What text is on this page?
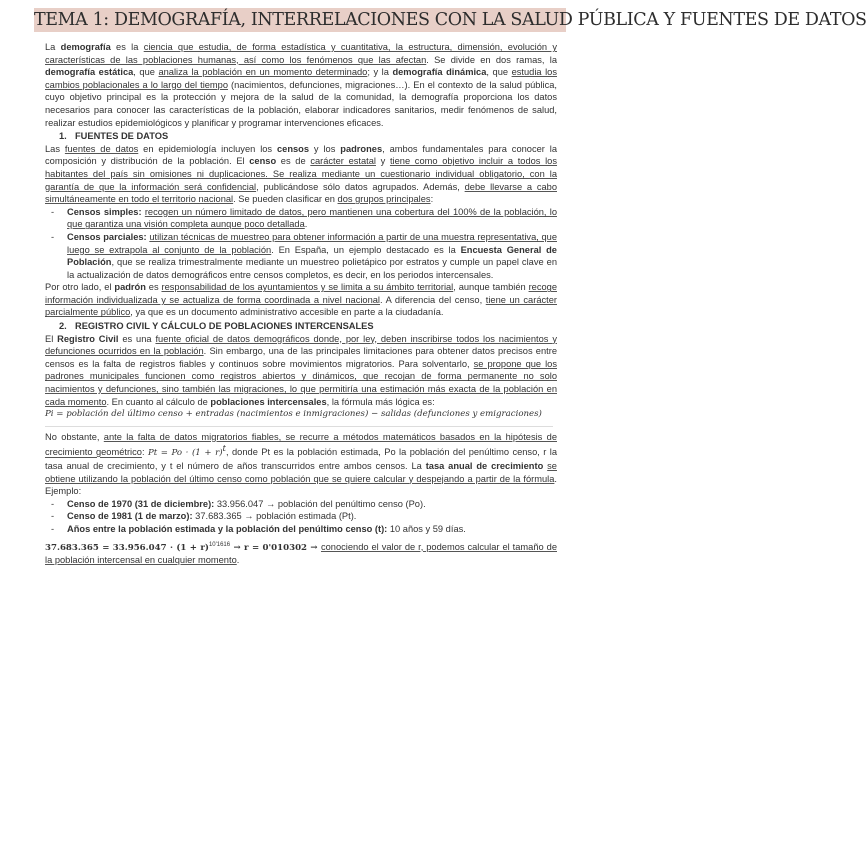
TEMA 1: DEMOGRAFÍA, INTERRELACIONES CON LA SALUD PÚBLICA Y FUENTES DE DATOS

La demografía es la ciencia que estudia, de forma estadística y cuantitativa, la estructura, dimensión, evolución y características de las poblaciones humanas, así como los fenómenos que las afectan. Se divide en dos ramas, la demografía estática, que analiza la población en un momento determinado; y la demografía dinámica, que estudia los cambios poblacionales a lo largo del tiempo (nacimientos, defunciones, migraciones…). En el contexto de la salud pública, cuyo objetivo principal es la protección y mejora de la salud de la comunidad, la demografía proporciona los datos necesarios para conocer las características de la población, elaborar indicadores sanitarios, medir fenómenos de salud, realizar estudios epidemiológicos y planificar y programar intervenciones eficaces.

1. FUENTES DE DATOS

Las fuentes de datos en epidemiología incluyen los censos y los padrones, ambos fundamentales para conocer la composición y distribución de la población. El censo es de carácter estatal y tiene como objetivo incluir a todos los habitantes del país sin omisiones ni duplicaciones. Se realiza mediante un cuestionario individual obligatorio, con la garantía de que la información será confidencial, publicándose sólo datos agrupados. Además, debe llevarse a cabo simultáneamente en todo el territorio nacional. Se pueden clasificar en dos grupos principales:

- Censos simples: recogen un número limitado de datos, pero mantienen una cobertura del 100% de la población, lo que garantiza una visión completa aunque poco detallada.
- Censos parciales: utilizan técnicas de muestreo para obtener información a partir de una muestra representativa, que luego se extrapola al conjunto de la población. En España, un ejemplo destacado es la Encuesta General de Población, que se realiza trimestralmente mediante un muestreo polietápico por estratos y cumple un papel clave en la actualización de datos demográficos entre censos completos, es decir, en los periodos intercensales.

Por otro lado, el padrón es responsabilidad de los ayuntamientos y se limita a su ámbito territorial, aunque también recoge información individualizada y se actualiza de forma coordinada a nivel nacional. A diferencia del censo, tiene un carácter parcialmente público, ya que es un documento administrativo accesible en parte a la ciudadanía.

2. REGISTRO CIVIL Y CÁLCULO DE POBLACIONES INTERCENSALES

El Registro Civil es una fuente oficial de datos demográficos donde, por ley, deben inscribirse todos los nacimientos y defunciones ocurridos en la población. Sin embargo, una de las principales limitaciones para obtener datos precisos entre censos es la falta de registros fiables y continuos sobre movimientos migratorios. Para solventarlo, se propone que los padrones municipales funcionen como registros abiertos y dinámicos, que recojan de forma permanente no solo nacimientos y defunciones, sino también las migraciones, lo que permitiría una estimación más exacta de la población en cada momento. En cuanto al cálculo de poblaciones intercensales, la fórmula más lógica es:

Pi = población del último censo + entradas (nacimientos e inmigraciones) − salidas (defunciones y emigraciones)

No obstante, ante la falta de datos migratorios fiables, se recurre a métodos matemáticos basados en la hipótesis de crecimiento geométrico: $Pt = Po \cdot (1 + r)^t$, donde Pt es la población estimada, Po la población del penúltimo censo, r la tasa anual de crecimiento, y t el número de años transcurridos entre ambos censos. La tasa anual de crecimiento se obtiene utilizando la población del último censo como población que se quiere calcular y despejando a partir de la fórmula. Ejemplo:

- Censo de 1970 (31 de diciembre): 33.956.047 → población del penúltimo censo (Po).
- Censo de 1981 (1 de marzo): 37.683.365 → población estimada (Pt).
- Años entre la población estimada y la población del penúltimo censo (t): 10 años y 59 días.

$37.683.365 = 33.956.047 \cdot (1 + r)^{10'1616} \to r = 0'010302$ → conociendo el valor de r, podemos calcular el tamaño de la población intercensal en cualquier momento.
